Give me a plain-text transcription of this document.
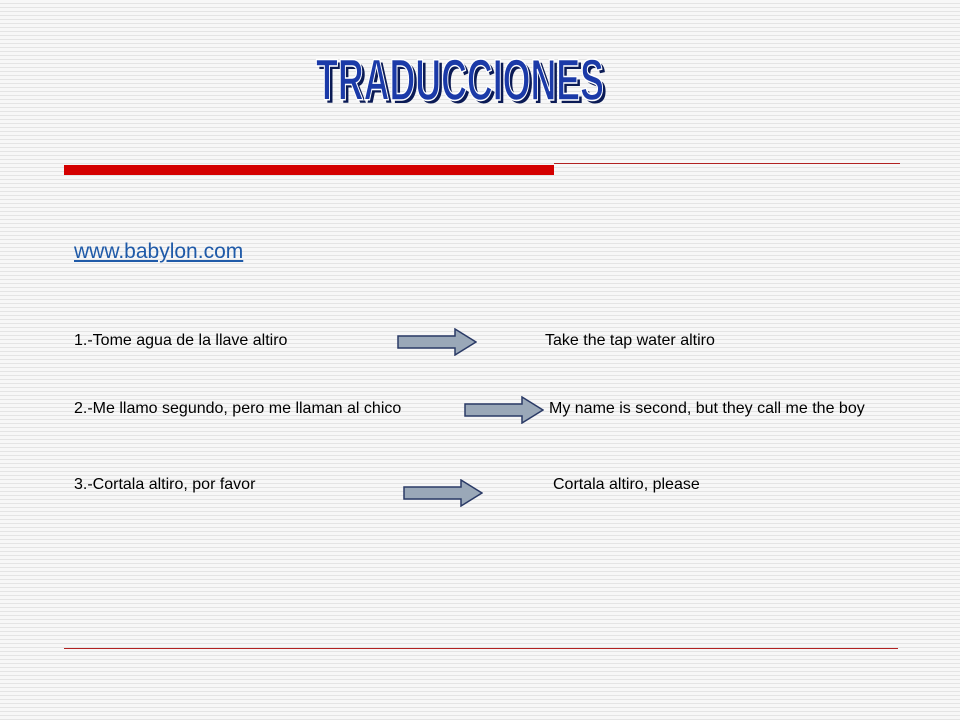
TRADUCCIONES
TRADUCCIONES
www.babylon.com
1.-Tome agua de la llave altiro	Take the tap water altiro
2.-Me llamo segundo, pero me llaman al chico	My name is second, but they call me the boy
3.-Cortala altiro, por favor	Cortala altiro, please
